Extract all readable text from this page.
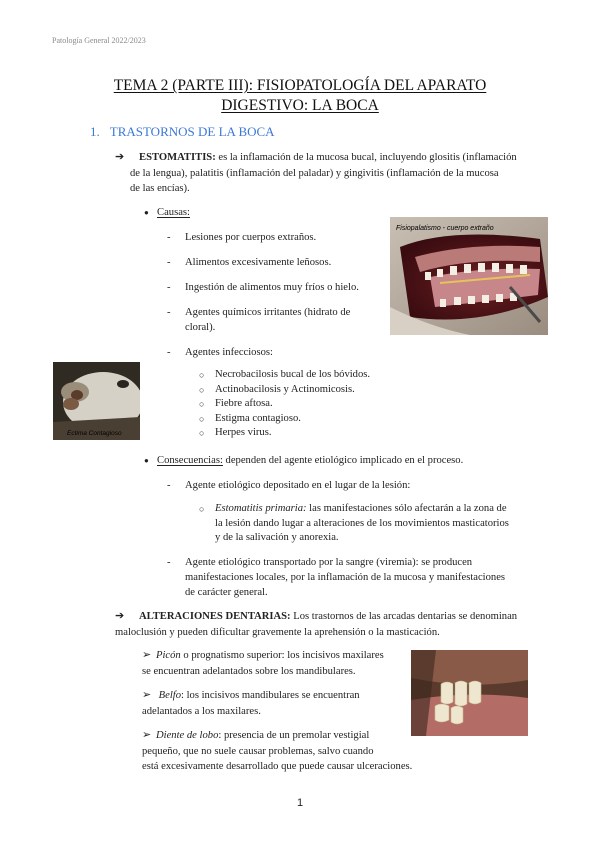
Patología General 2022/2023
TEMA 2 (PARTE III): FISIOPATOLOGÍA DEL APARATO
DIGESTIVO: LA BOCA
1. TRASTORNOS DE LA BOCA
➔ ESTOMATITIS: es la inflamación de la mucosa bucal, incluyendo glositis (inflamación
de la lengua), palatitis (inflamación del paladar) y gingivitis (inflamación de la mucosa
de las encías).
● Causas:
- Lesiones por cuerpos extraños.
- Alimentos excesivamente leñosos.
- Ingestión de alimentos muy fríos o hielo.
- Agentes químicos irritantes (hidrato de
cloral).
- Agentes infecciosos:
○ Necrobacilosis bucal de los bóvidos.
○ Actinobacilosis y Actinomicosis.
○ Fiebre aftosa.
○ Estigma contagioso.
○ Herpes virus.
Fisiopalatismo - cuerpo extraño
Ectima Contagioso
● Consecuencias: dependen del agente etiológico implicado en el proceso.
- Agente etiológico depositado en el lugar de la lesión:
○ Estomatitis primaria: las manifestaciones sólo afectarán a la zona de
la lesión dando lugar a alteraciones de los movimientos masticatorios
y de la salivación y anorexia.
- Agente etiológico transportado por la sangre (viremia): se producen
manifestaciones locales, por la inflamación de la mucosa y manifestaciones
de carácter general.
➔ ALTERACIONES DENTARIAS: Los trastornos de las arcadas dentarias se denominan
maloclusión y pueden dificultar gravemente la aprehensión o la masticación.
➢ Picón o prognatismo superior: los incisivos maxilares
se encuentran adelantados sobre los mandibulares.
➢ Belfo: los incisivos mandibulares se encuentran
adelantados a los maxilares.
➢ Diente de lobo: presencia de un premolar vestigial
pequeño, que no suele causar problemas, salvo cuando
está excesivamente desarrollado que puede causar ulceraciones.
1
